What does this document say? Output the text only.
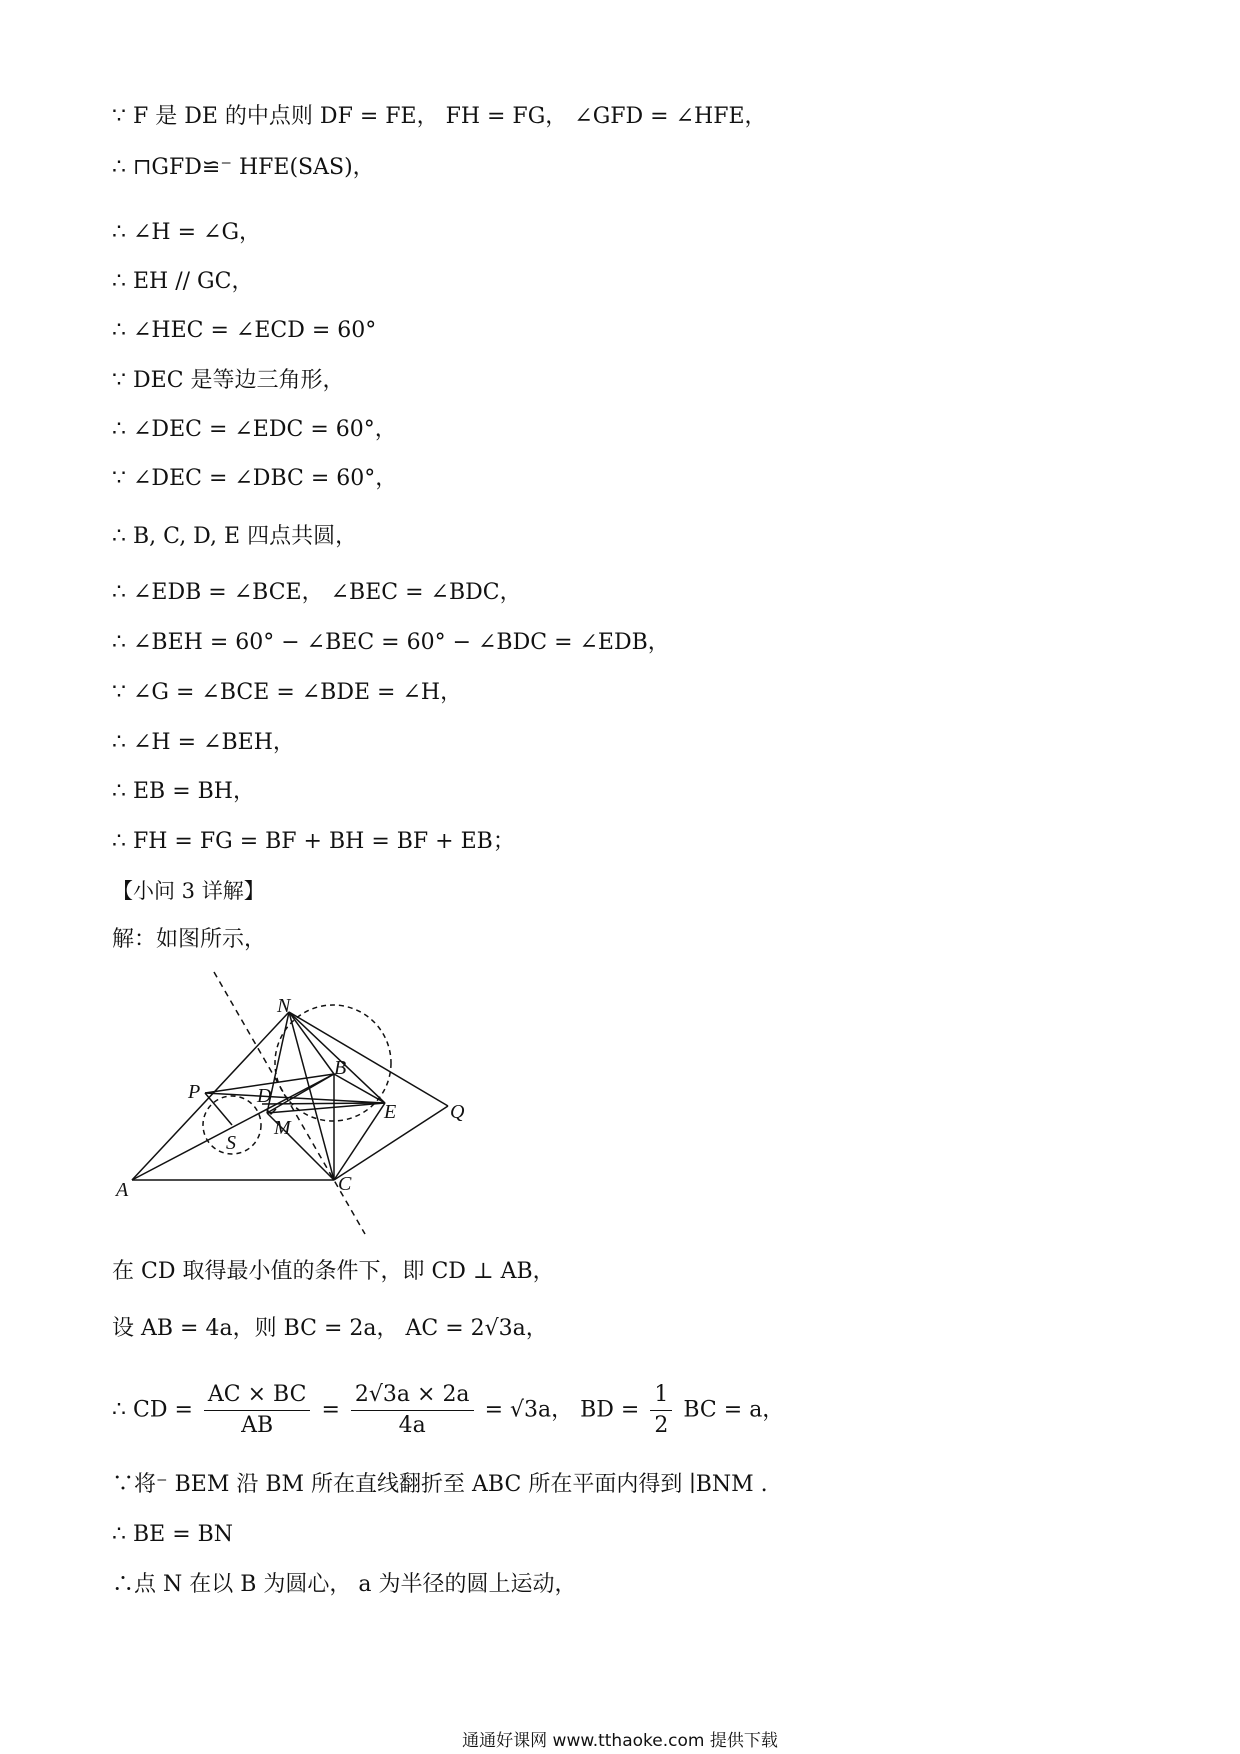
∵ F 是 DE 的中点则 DF = FE， FH = FG， ∠GFD = ∠HFE，
∴ ⊓GFD≌⁻ HFE(SAS)，
∴ ∠H = ∠G，
∴ EH // GC，
∴ ∠HEC = ∠ECD = 60°
∵ DEC 是等边三角形，
∴ ∠DEC = ∠EDC = 60°，
∵ ∠DEC = ∠DBC = 60°，
∴ B, C, D, E 四点共圆，
∴ ∠EDB = ∠BCE， ∠BEC = ∠BDC，
∴ ∠BEH = 60° − ∠BEC = 60° − ∠BDC = ∠EDB，
∵ ∠G = ∠BCE = ∠BDE = ∠H，
∴ ∠H = ∠BEH，
∴ EB = BH，
∴ FH = FG = BF + BH = BF + EB；
【小问 3 详解】
解：如图所示，
N
B
P	D
E	Q
M
S
A	C
在 CD 取得最小值的条件下，即 CD ⊥ AB，
设 AB = 4a，则 BC = 2a， AC = 2√3a，
∴ CD = $\frac{AC \times BC}{AB} = \frac{2√3a \times 2a}{4a} = √3a$， BD = $\frac{1}{2}$ BC = a，
∵将⁻ BEM 沿 BM 所在直线翻折至 ABC 所在平面内得到 ∣BNM .
∴ BE = BN
∴点 N 在以 B 为圆心， a 为半径的圆上运动，
通通好课网 www.tthaoke.com 提供下载
